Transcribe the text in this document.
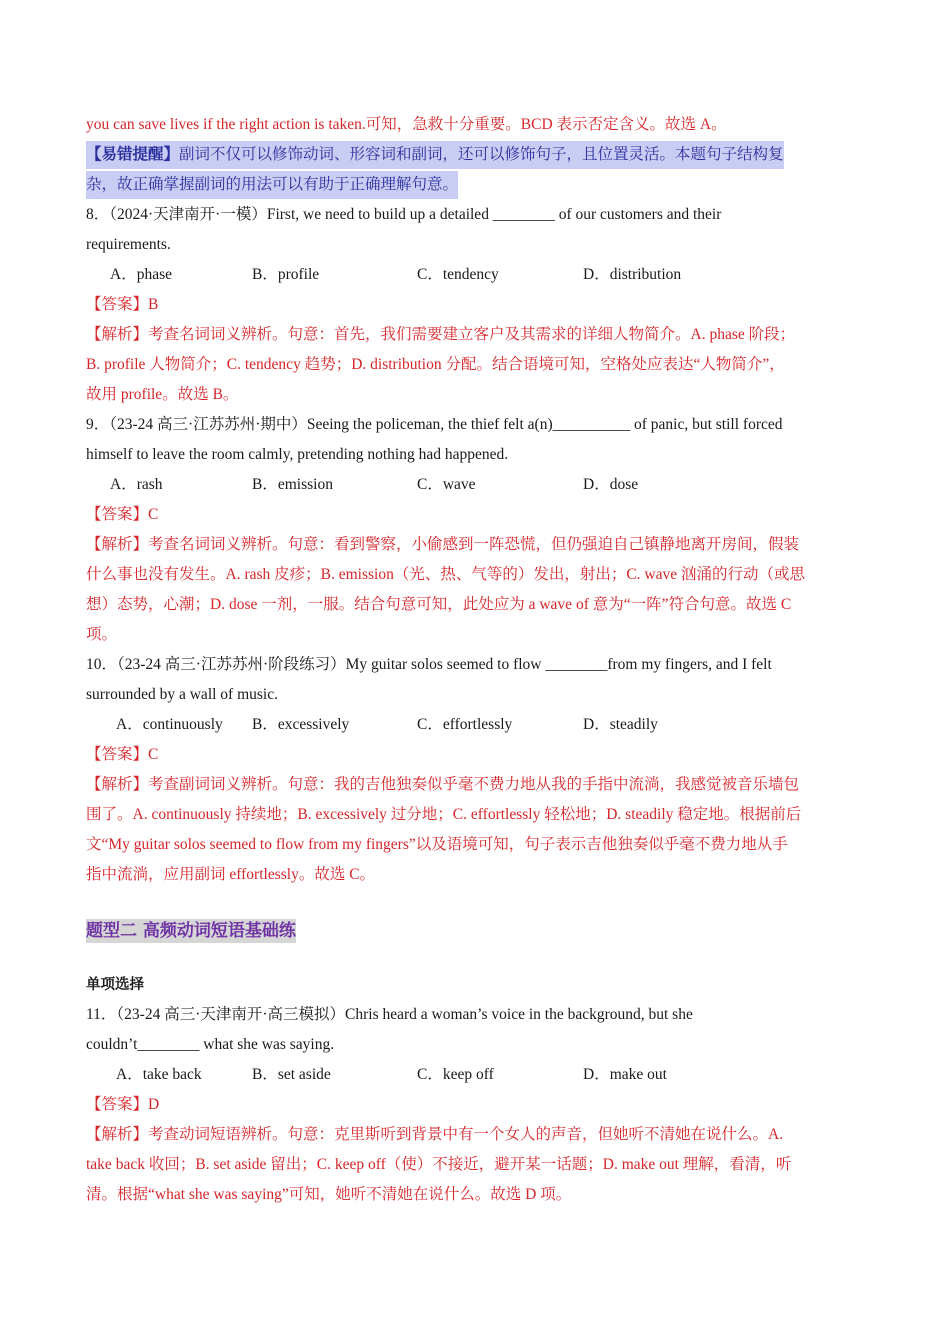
you can save lives if the right action is taken.可知，急救十分重要。BCD 表示否定含义。故选 A。
【易错提醒】副词不仅可以修饰动词、形容词和副词，还可以修饰句子，且位置灵活。本题句子结构复
杂，故正确掌握副词的用法可以有助于正确理解句意。
8．（2024·天津南开·一模）First, we need to build up a detailed ________ of our customers and their
requirements.
A．phase	B．profile	C．tendency	D．distribution
【答案】B
【解析】考查名词词义辨析。句意：首先，我们需要建立客户及其需求的详细人物简介。A. phase 阶段；
B. profile 人物简介；C. tendency 趋势；D. distribution 分配。结合语境可知，空格处应表达“人物简介”，
故用 profile。故选 B。
9．（23-24 高三·江苏苏州·期中）Seeing the policeman, the thief felt a(n)__________ of panic, but still forced
himself to leave the room calmly, pretending nothing had happened.
A．rash	B．emission	C．wave	D．dose
【答案】C
【解析】考查名词词义辨析。句意：看到警察，小偷感到一阵恐慌，但仍强迫自己镇静地离开房间，假装
什么事也没有发生。A. rash 皮疹；B. emission（光、热、气等的）发出，射出；C. wave 汹涌的行动（或思
想）态势，心潮；D. dose 一剂，一服。结合句意可知，此处应为 a wave of 意为“一阵”符合句意。故选 C
项。
10．（23-24 高三·江苏苏州·阶段练习）My guitar solos seemed to flow ________from my fingers, and I felt
surrounded by a wall of music.
A．continuously B．excessively	C．effortlessly	D．steadily
【答案】C
【解析】考查副词词义辨析。句意：我的吉他独奏似乎毫不费力地从我的手指中流淌，我感觉被音乐墙包
围了。A. continuously 持续地；B. excessively 过分地；C. effortlessly 轻松地；D. steadily 稳定地。根据前后
文“My guitar solos seemed to flow from my fingers”以及语境可知，句子表示吉他独奏似乎毫不费力地从手
指中流淌，应用副词 effortlessly。故选 C。
题型二 高频动词短语基础练
单项选择
11．（23-24 高三·天津南开·高三模拟）Chris heard a woman’s voice in the background, but she
couldn’t________ what she was saying.
A．take back	B．set aside	C．keep off	D．make out
【答案】D
【解析】考查动词短语辨析。句意：克里斯听到背景中有一个女人的声音，但她听不清她在说什么。A.
take back 收回；B. set aside 留出；C. keep off（使）不接近，避开某一话题；D. make out 理解，看清，听
清。根据“what she was saying”可知，她听不清她在说什么。故选 D 项。
